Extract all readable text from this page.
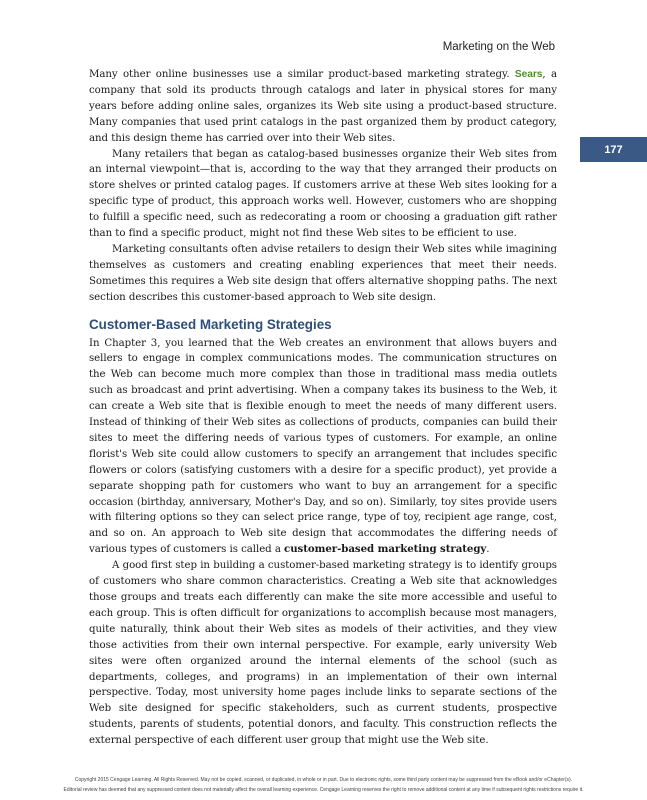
Marketing on the Web
177

Many other online businesses use a similar product-based marketing strategy. Sears, a company that sold its products through catalogs and later in physical stores for many years before adding online sales, organizes its Web site using a product-based structure. Many companies that used print catalogs in the past organized them by product category, and this design theme has carried over into their Web sites.

Many retailers that began as catalog-based businesses organize their Web sites from an internal viewpoint—that is, according to the way that they arranged their products on store shelves or printed catalog pages. If customers arrive at these Web sites looking for a specific type of product, this approach works well. However, customers who are shopping to fulfill a specific need, such as redecorating a room or choosing a graduation gift rather than to find a specific product, might not find these Web sites to be efficient to use.

Marketing consultants often advise retailers to design their Web sites while imagining themselves as customers and creating enabling experiences that meet their needs. Sometimes this requires a Web site design that offers alternative shopping paths. The next section describes this customer-based approach to Web site design.

Customer-Based Marketing Strategies

In Chapter 3, you learned that the Web creates an environment that allows buyers and sellers to engage in complex communications modes. The communication structures on the Web can become much more complex than those in traditional mass media outlets such as broadcast and print advertising. When a company takes its business to the Web, it can create a Web site that is flexible enough to meet the needs of many different users. Instead of thinking of their Web sites as collections of products, companies can build their sites to meet the differing needs of various types of customers. For example, an online florist's Web site could allow customers to specify an arrangement that includes specific flowers or colors (satisfying customers with a desire for a specific product), yet provide a separate shopping path for customers who want to buy an arrangement for a specific occasion (birthday, anniversary, Mother's Day, and so on). Similarly, toy sites provide users with filtering options so they can select price range, type of toy, recipient age range, cost, and so on. An approach to Web site design that accommodates the differing needs of various types of customers is called a customer-based marketing strategy.

A good first step in building a customer-based marketing strategy is to identify groups of customers who share common characteristics. Creating a Web site that acknowledges those groups and treats each differently can make the site more accessible and useful to each group. This is often difficult for organizations to accomplish because most managers, quite naturally, think about their Web sites as models of their activities, and they view those activities from their own internal perspective. For example, early university Web sites were often organized around the internal elements of the school (such as departments, colleges, and programs) in an implementation of their own internal perspective. Today, most university home pages include links to separate sections of the Web site designed for specific stakeholders, such as current students, prospective students, parents of students, potential donors, and faculty. This construction reflects the external perspective of each different user group that might use the Web site.

Copyright 2015 Cengage Learning. All Rights Reserved. May not be copied, scanned, or duplicated, in whole or in part. Due to electronic rights, some third party content may be suppressed from the eBook and/or eChapter(s).
Editorial review has deemed that any suppressed content does not materially affect the overall learning experience. Cengage Learning reserves the right to remove additional content at any time if subsequent rights restrictions require it.
